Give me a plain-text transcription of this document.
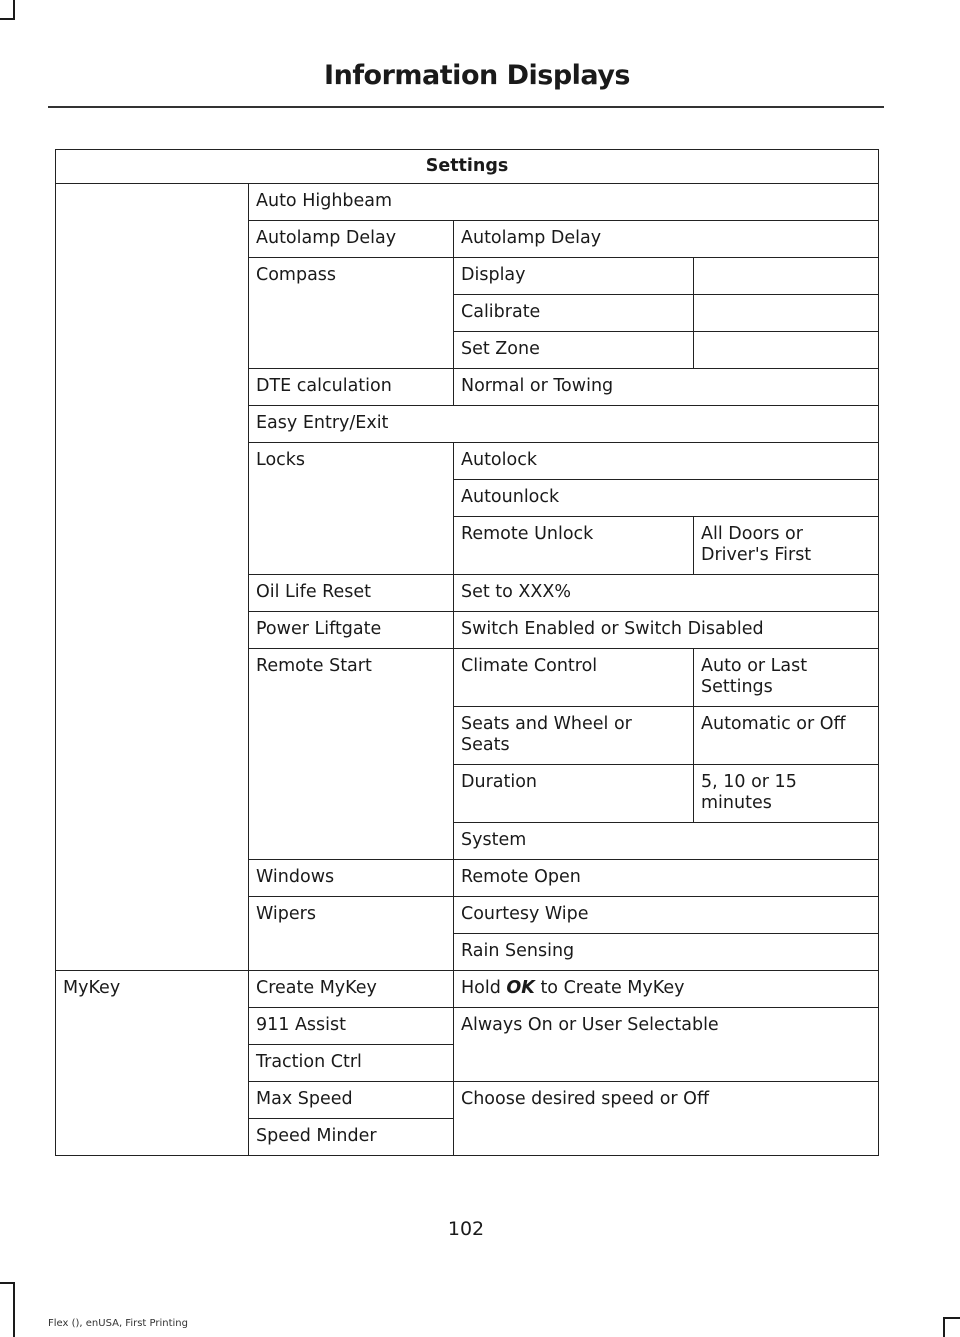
Information Displays
Settings			
	Auto Highbeam		
	Autolamp Delay	Autolamp Delay	
	Compass	Display	
		Calibrate	
		Set Zone	
	DTE calculation	Normal or Towing	
	Easy Entry/Exit		
	Locks	Autolock	
		Autounlock	
		Remote Unlock	All Doors or Driver's First
	Oil Life Reset	Set to XXX%	
	Power Liftgate	Switch Enabled or Switch Disabled	
	Remote Start	Climate Control	Auto or Last Settings
		Seats and Wheel or Seats	Automatic or Off
		Duration	5, 10 or 15 minutes
		System	
	Windows	Remote Open	
	Wipers	Courtesy Wipe	
		Rain Sensing	
MyKey	Create MyKey	Hold OK to Create MyKey	
	911 Assist	Always On or User Selectable	
	Traction Ctrl		
	Max Speed	Choose desired speed or Off	
	Speed Minder		
102
Flex (), enUSA, First Printing
